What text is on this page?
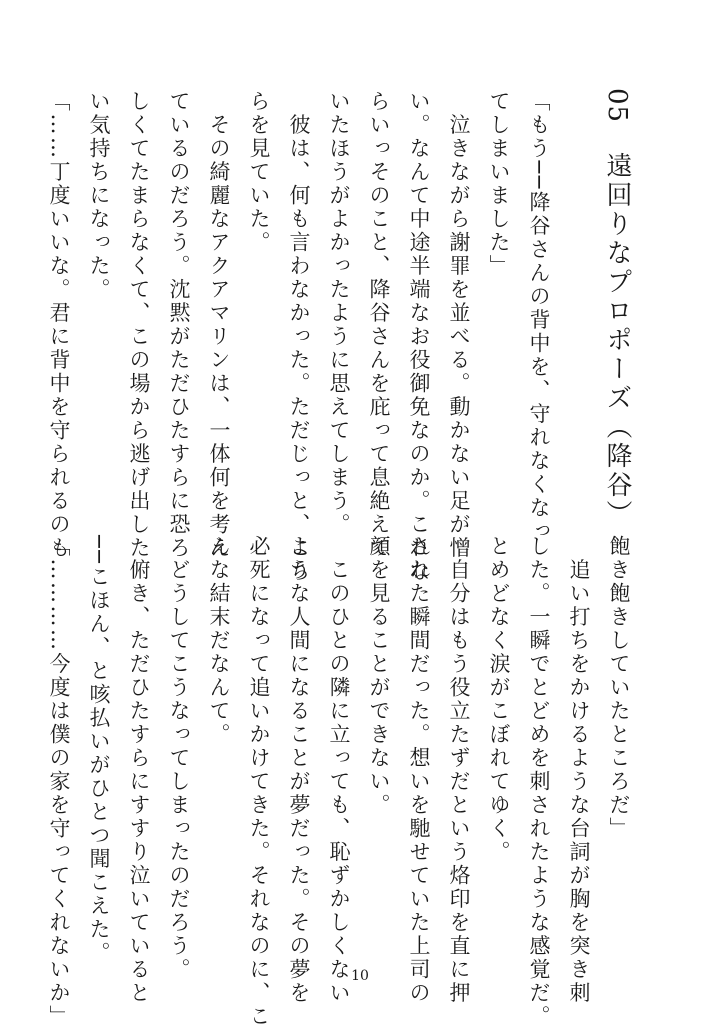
05　遠回りなプロポーズ（降谷）
「もう──降谷さんの背中を、守れなくなっ
てしまいました」
　泣きながら謝罪を並べる。動かない足が憎
い。なんて中途半端なお役御免なのか。これな
らいっそのこと、降谷さんを庇って息絶えて
いたほうがよかったように思えてしまう。
　彼は、何も言わなかった。ただじっと、こち
らを見ていた。
　その綺麗なアクアマリンは、一体何を考え
ているのだろう。沈黙がただひたすらに恐ろ
しくてたまらなくて、この場から逃げ出した
い気持ちになった。
「……丁度いいな。君に背中を守られるのも
飽き飽きしていたところだ」
　追い打ちをかけるような台詞が胸を突き刺
した。一瞬でとどめを刺されたような感覚だ。
とめどなく涙がこぼれてゆく。
　自分はもう役立たずだという烙印を直に押
された瞬間だった。想いを馳せていた上司の
顔を見ることができない。
　このひとの隣に立っても、恥ずかしくない
ような人間になることが夢だった。その夢を
必死になって追いかけてきた。それなのに、こ
んな結末だなんて。
　どうしてこうなってしまったのだろう。
　俯き、ただひたすらにすすり泣いていると
──こほん、と咳払いがひとつ聞こえた。
「…………今度は僕の家を守ってくれないか」	10
